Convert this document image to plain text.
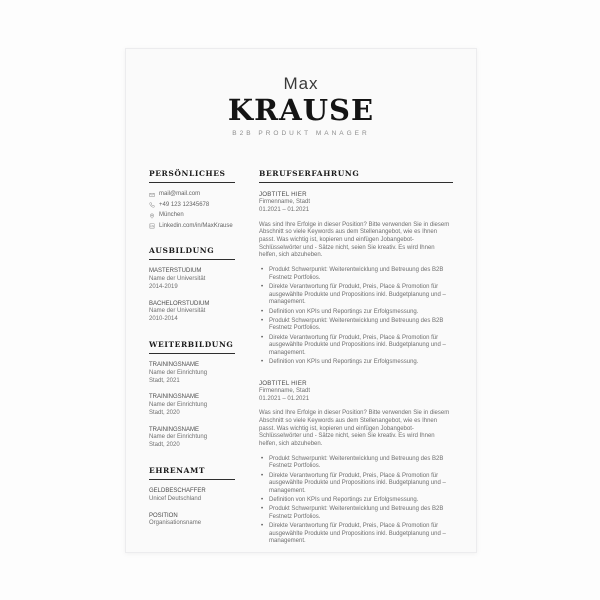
Max
KRAUSE
B2B PRODUKT MANAGER
PERSÖNLICHES
mail@mail.com
+49 123 12345678
München
Linkedin.com/in/MaxKrause
AUSBILDUNG
MASTERSTUDIUM
Name der Universität
2014-2019
BACHELORSTUDIUM
Name der Universität
2010-2014
WEITERBILDUNG
TRAININGSNAME
Name der Einrichtung
Stadt, 2021
TRAININGSNAME
Name der Einrichtung
Stadt, 2020
TRAININGSNAME
Name der Einrichtung
Stadt, 2020
EHRENAMT
GELDBESCHAFFER
Unicef Deutschland
POSITION
Organisationsname
BERUFSERFAHRUNG
JOBTITEL HIER
Firmenname, Stadt
01.2021 – 01.2021

Was sind Ihre Erfolge in dieser Position? Bitte verwenden Sie in diesem Abschnitt so viele Keywords aus dem Stellenangebot, wie es Ihnen passt. Was wichtig ist, kopieren und einfügen Jobangebot-Schlüsselwörter und - Sätze nicht, seien Sie kreativ. Es wird Ihnen helfen, sich abzuheben.

• Produkt Schwerpunkt: Weiterentwicklung und Betreuung des B2B Festnetz Portfolios.
• Direkte Verantwortung für Produkt, Preis, Place & Promotion für ausgewählte Produkte und Propositions inkl. Budgetplanung und –management.
• Definition von KPIs und Reportings zur Erfolgsmessung.
• Produkt Schwerpunkt: Weiterentwicklung und Betreuung des B2B Festnetz Portfolios.
• Direkte Verantwortung für Produkt, Preis, Place & Promotion für ausgewählte Produkte und Propositions inkl. Budgetplanung und –management.
• Definition von KPIs und Reportings zur Erfolgsmessung.
JOBTITEL HIER
Firmenname, Stadt
01.2021 – 01.2021

Was sind Ihre Erfolge in dieser Position? Bitte verwenden Sie in diesem Abschnitt so viele Keywords aus dem Stellenangebot, wie es Ihnen passt. Was wichtig ist, kopieren und einfügen Jobangebot-Schlüsselwörter und - Sätze nicht, seien Sie kreativ. Es wird Ihnen helfen, sich abzuheben.

• Produkt Schwerpunkt: Weiterentwicklung und Betreuung des B2B Festnetz Portfolios.
• Direkte Verantwortung für Produkt, Preis, Place & Promotion für ausgewählte Produkte und Propositions inkl. Budgetplanung und –management.
• Definition von KPIs und Reportings zur Erfolgsmessung.
• Produkt Schwerpunkt: Weiterentwicklung und Betreuung des B2B Festnetz Portfolios.
• Direkte Verantwortung für Produkt, Preis, Place & Promotion für ausgewählte Produkte und Propositions inkl. Budgetplanung und –management.
